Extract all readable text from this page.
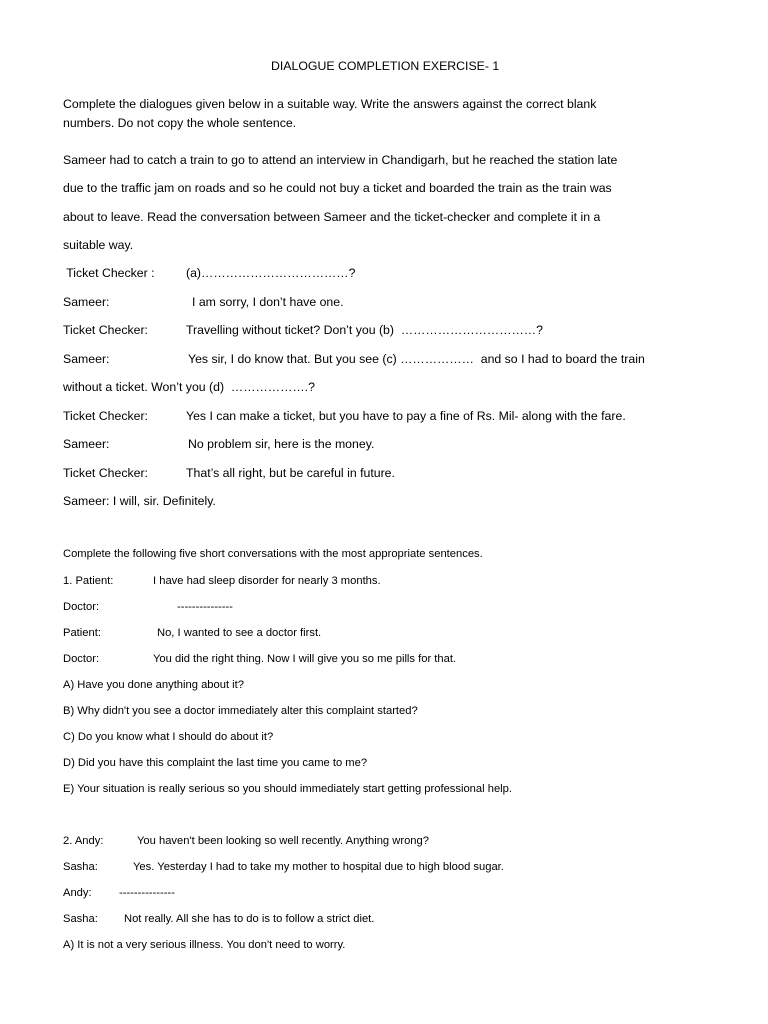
DIALOGUE COMPLETION EXERCISE- 1
Complete the dialogues given below in a suitable way. Write the answers against the correct blank
numbers. Do not copy the whole sentence.
Sameer had to catch a train to go to attend an interview in Chandigarh, but he reached the station late
due to the traffic jam on roads and so he could not buy a ticket and boarded the train as the train was
about to leave. Read the conversation between Sameer and the ticket-checker and complete it in a
suitable way.
Ticket Checker :	(a)………………………………?
Sameer:	I am sorry, I don’t have one.
Ticket Checker:	Travelling without ticket? Don’t you (b)  ……………………………?
Sameer:	Yes sir, I do know that. But you see (c) ………………  and so I had to board the train
without a ticket. Won’t you (d)  ……………….?
Ticket Checker:	Yes I can make a ticket, but you have to pay a fine of Rs. Mil- along with the fare.
Sameer:	No problem sir, here is the money.
Ticket Checker:	That’s all right, but be careful in future.
Sameer: I will, sir. Definitely.
Complete the following five short conversations with the most appropriate sentences.
1. Patient:	I have had sleep disorder for nearly 3 months.
Doctor:	---------------
Patient:	No, I wanted to see a doctor first.
Doctor:	You did the right thing. Now I will give you so me pills for that.
A) Have you done anything about it?
B) Why didn't you see a doctor immediately alter this complaint started?
C) Do you know what I should do about it?
D) Did you have this complaint the last time you came to me?
E) Your situation is really serious so you should immediately start getting professional help.
2. Andy:	You haven't been looking so well recently. Anything wrong?
Sasha:	Yes. Yesterday I had to take my mother to hospital due to high blood sugar.
Andy: ---------------
Sasha: Not really. All she has to do is to follow a strict diet.
A) It is not a very serious illness. You don't need to worry.
